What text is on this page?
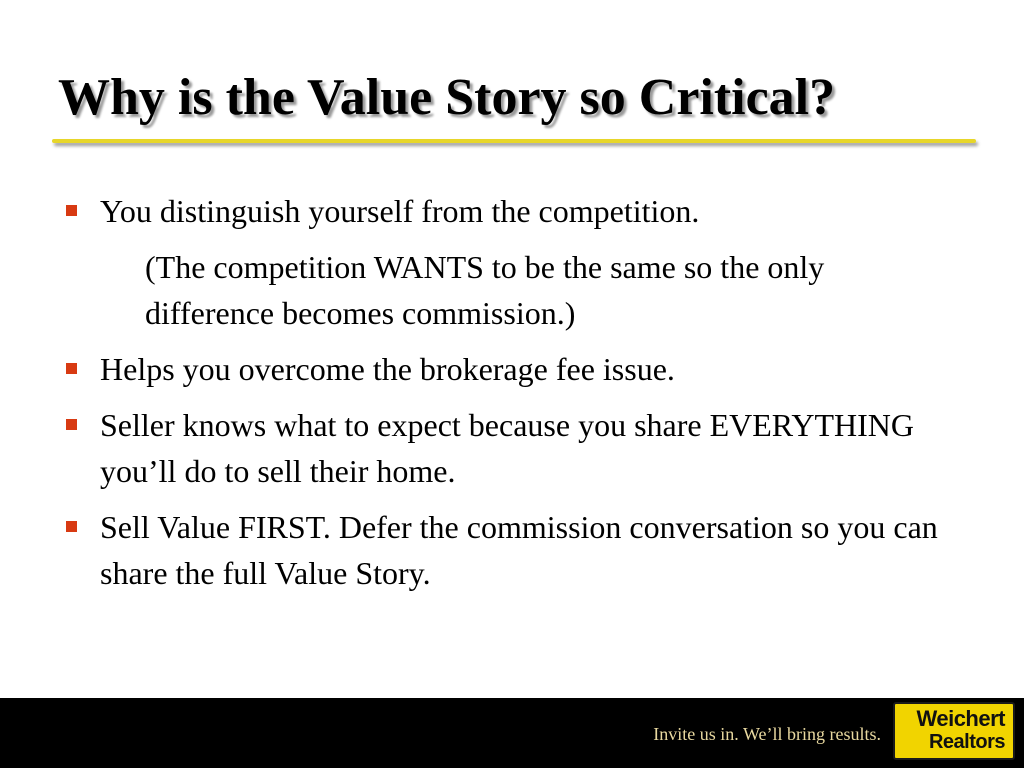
Why is the Value Story so Critical?
You distinguish yourself from the competition.
(The competition WANTS to be the same so the only difference becomes commission.)
Helps you overcome the brokerage fee issue.
Seller knows what to expect because you share EVERYTHING you’ll do to sell their home.
Sell Value FIRST. Defer the commission conversation so you can share the full Value Story.
Invite us in. We’ll bring results.
Weichert
Realtors
